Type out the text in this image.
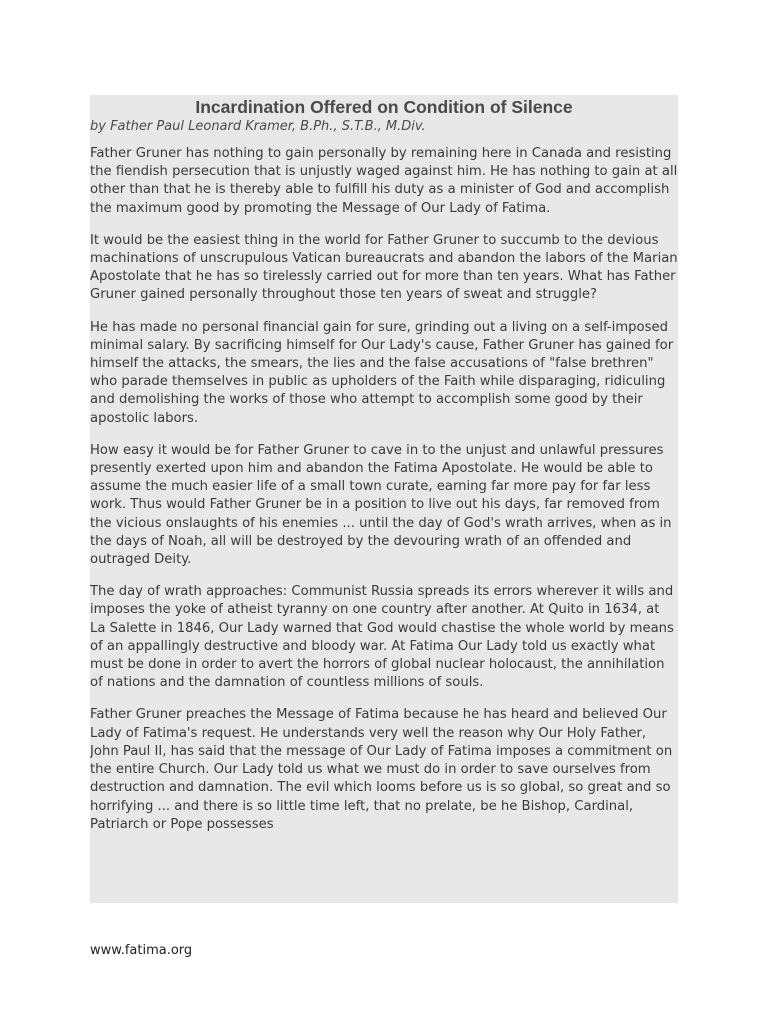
Incardination Offered on Condition of Silence

by Father Paul Leonard Kramer, B.Ph., S.T.B., M.Div.

Father Gruner has nothing to gain personally by remaining here in Canada and resisting the fiendish persecution that is unjustly waged against him. He has nothing to gain at all other than that he is thereby able to fulfill his duty as a minister of God and accomplish the maximum good by promoting the Message of Our Lady of Fatima.

It would be the easiest thing in the world for Father Gruner to succumb to the devious machinations of unscrupulous Vatican bureaucrats and abandon the labors of the Marian Apostolate that he has so tirelessly carried out for more than ten years. What has Father Gruner gained personally throughout those ten years of sweat and struggle?

He has made no personal financial gain for sure, grinding out a living on a self-imposed minimal salary. By sacrificing himself for Our Lady's cause, Father Gruner has gained for himself the attacks, the smears, the lies and the false accusations of "false brethren" who parade themselves in public as upholders of the Faith while disparaging, ridiculing and demolishing the works of those who attempt to accomplish some good by their apostolic labors.

How easy it would be for Father Gruner to cave in to the unjust and unlawful pressures presently exerted upon him and abandon the Fatima Apostolate. He would be able to assume the much easier life of a small town curate, earning far more pay for far less work. Thus would Father Gruner be in a position to live out his days, far removed from the vicious onslaughts of his enemies ... until the day of God's wrath arrives, when as in the days of Noah, all will be destroyed by the devouring wrath of an offended and outraged Deity.

The day of wrath approaches: Communist Russia spreads its errors wherever it wills and imposes the yoke of atheist tyranny on one country after another. At Quito in 1634, at La Salette in 1846, Our Lady warned that God would chastise the whole world by means of an appallingly destructive and bloody war. At Fatima Our Lady told us exactly what must be done in order to avert the horrors of global nuclear holocaust, the annihilation of nations and the damnation of countless millions of souls.

Father Gruner preaches the Message of Fatima because he has heard and believed Our Lady of Fatima's request. He understands very well the reason why Our Holy Father, John Paul II, has said that the message of Our Lady of Fatima imposes a commitment on the entire Church. Our Lady told us what we must do in order to save ourselves from destruction and damnation. The evil which looms before us is so global, so great and so horrifying ... and there is so little time left, that no prelate, be he Bishop, Cardinal, Patriarch or Pope possesses

www.fatima.org
